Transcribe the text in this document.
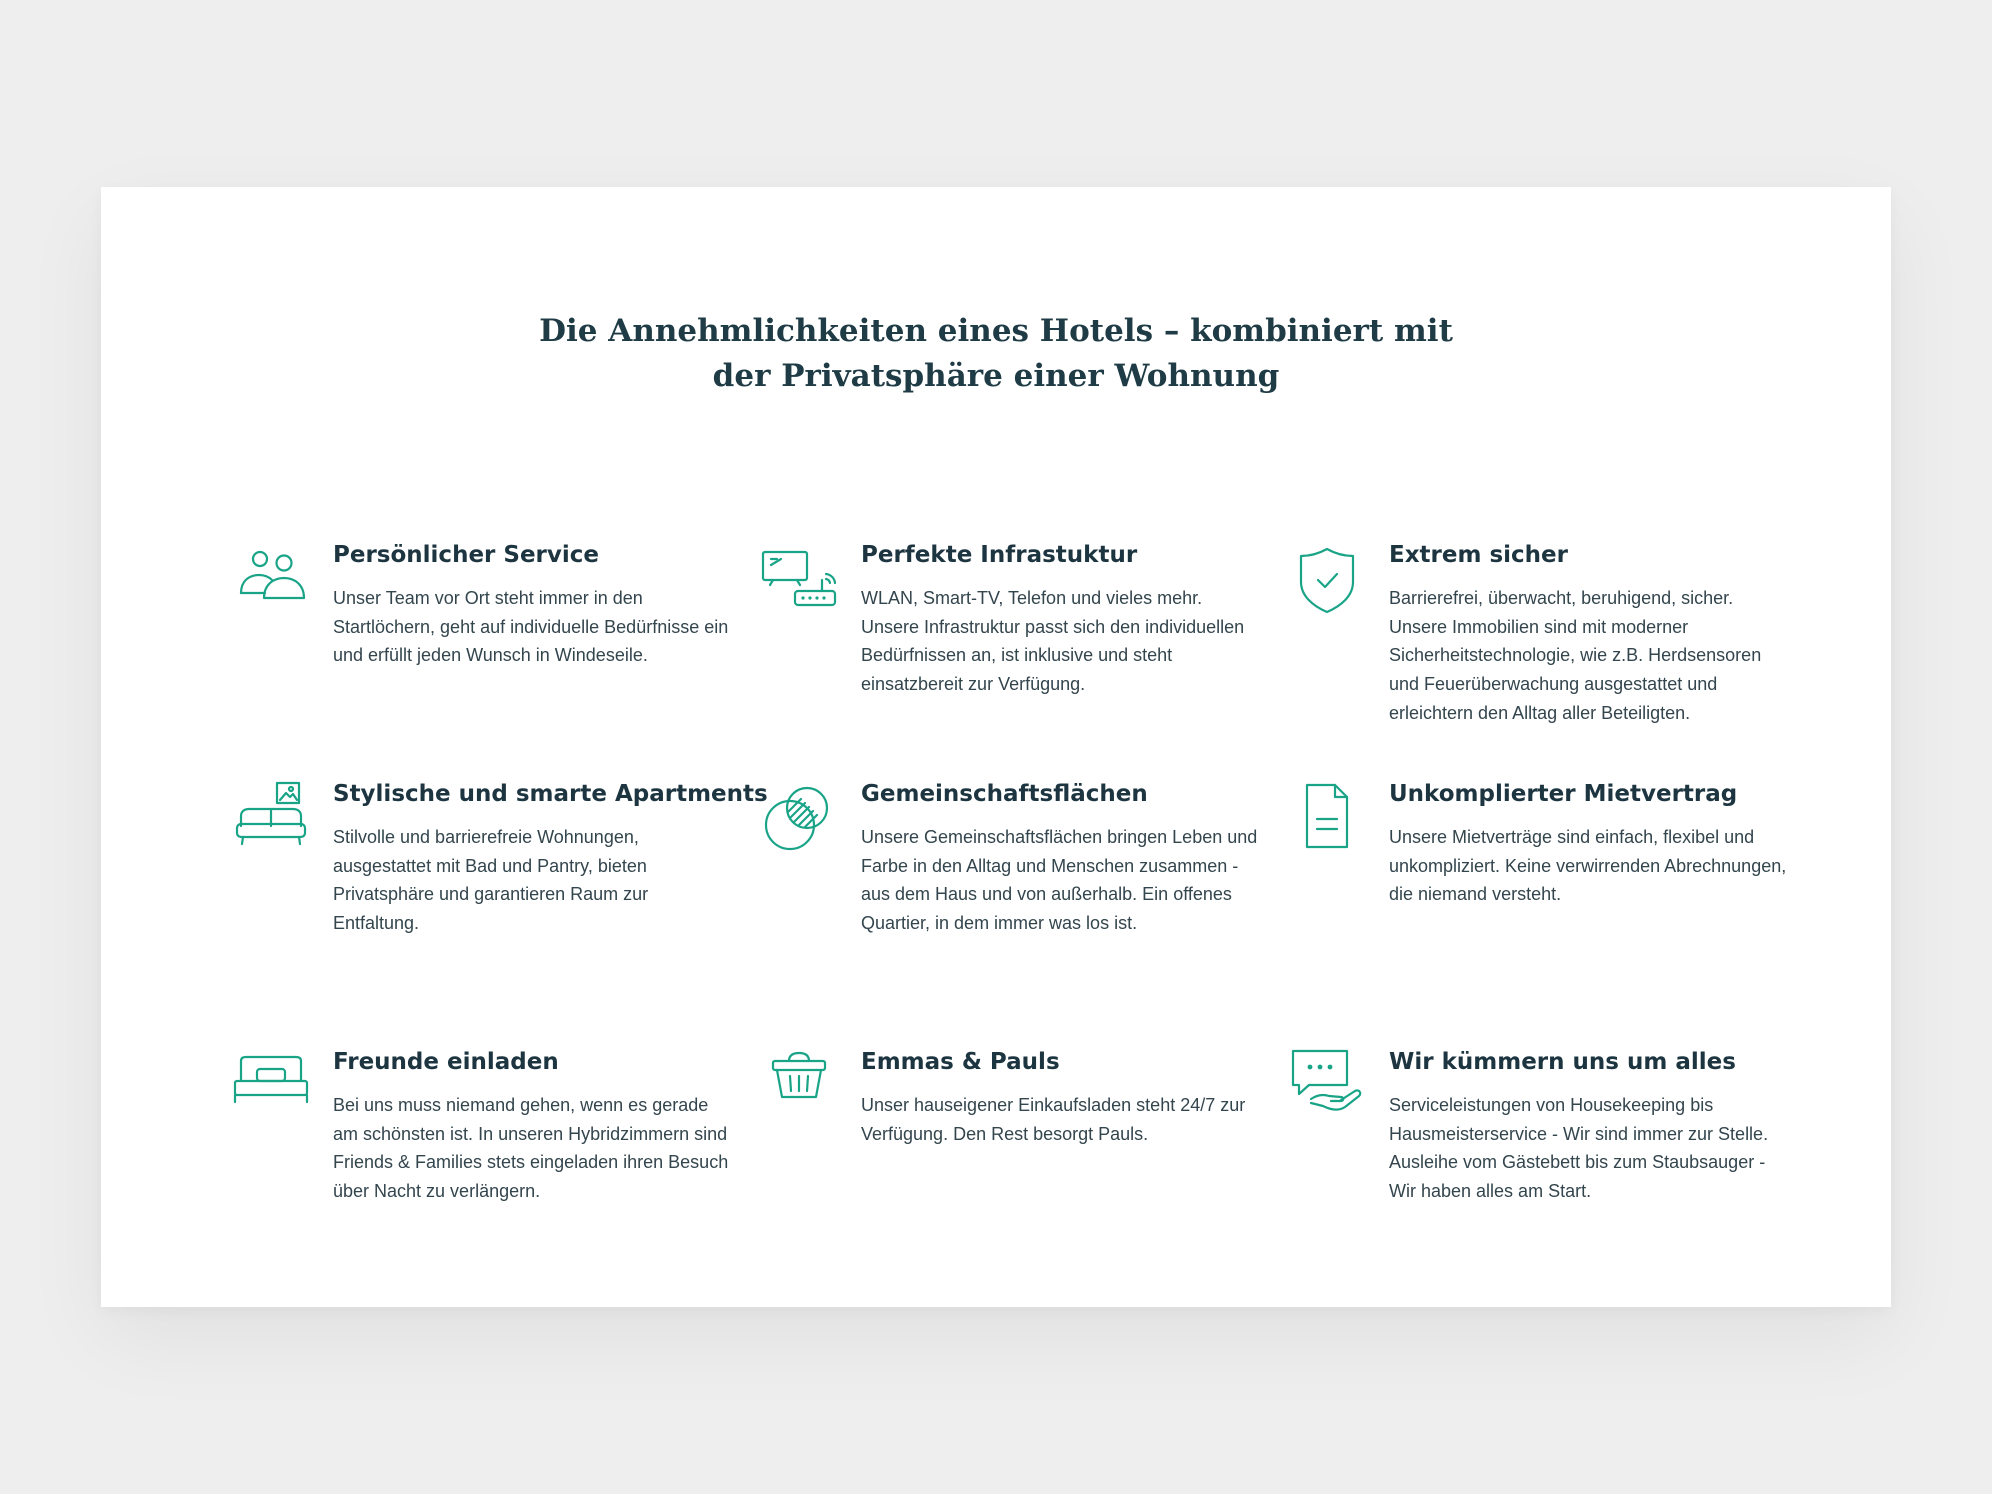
Die Annehmlichkeiten eines Hotels – kombiniert mit
der Privatsphäre einer Wohnung
Persönlicher Service

Unser Team vor Ort steht immer in den Startlöchern, geht auf individuelle Bedürfnisse ein und erfüllt jeden Wunsch in Windeseile.

Perfekte Infrastuktur

WLAN, Smart-TV, Telefon und vieles mehr. Unsere Infrastruktur passt sich den individuellen Bedürfnissen an, ist inklusive und steht einsatzbereit zur Verfügung.

Extrem sicher

Barrierefrei, überwacht, beruhigend, sicher. Unsere Immobilien sind mit moderner Sicherheitstechnologie, wie z.B. Herdsensoren und Feuerüberwachung ausgestattet und erleichtern den Alltag aller Beteiligten.

Stylische und smarte Apartments

Stilvolle und barrierefreie Wohnungen, ausgestattet mit Bad und Pantry, bieten Privatsphäre und garantieren Raum zur Entfaltung.

Gemeinschaftsflächen

Unsere Gemeinschaftsflächen bringen Leben und Farbe in den Alltag und Menschen zusammen - aus dem Haus und von außerhalb. Ein offenes Quartier, in dem immer was los ist.

Unkomplierter Mietvertrag

Unsere Mietverträge sind einfach, flexibel und unkompliziert. Keine verwirrenden Abrechnungen, die niemand versteht.

Freunde einladen

Bei uns muss niemand gehen, wenn es gerade am schönsten ist. In unseren Hybridzimmern sind Friends & Families stets eingeladen ihren Besuch über Nacht zu verlängern.

Emmas & Pauls

Unser hauseigener Einkaufsladen steht 24/7 zur Verfügung. Den Rest besorgt Pauls.

Wir kümmern uns um alles

Serviceleistungen von Housekeeping bis Hausmeisterservice - Wir sind immer zur Stelle. Ausleihe vom Gästebett bis zum Staubsauger - Wir haben alles am Start.
